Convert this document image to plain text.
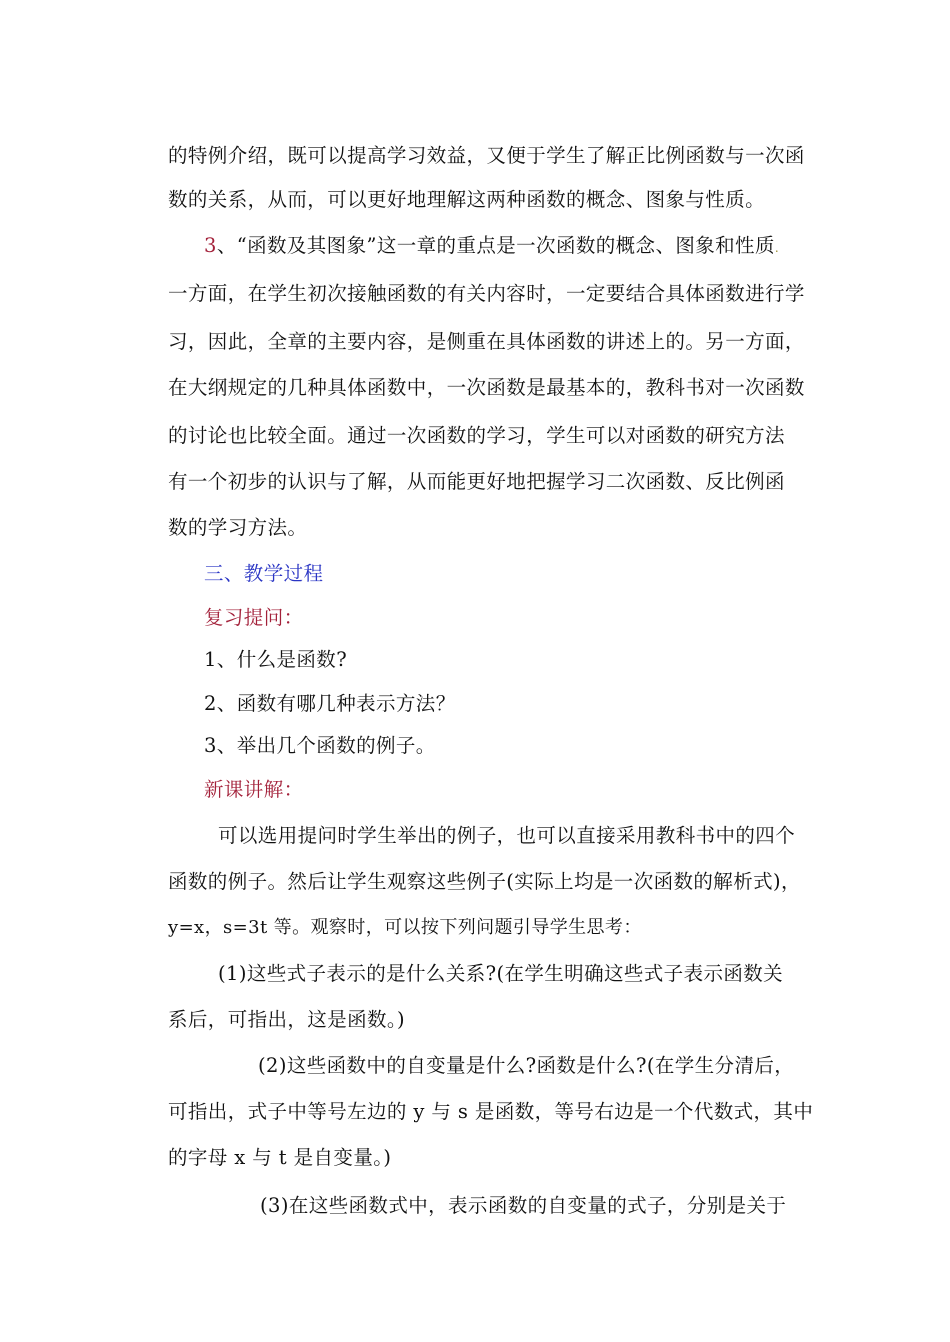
的特例介绍，既可以提高学习效益，又便于学生了解正比例函数与一次函
数的关系，从而，可以更好地理解这两种函数的概念、图象与性质。
3、“函数及其图象”这一章的重点是一次函数的概念、图象和性质.
一方面，在学生初次接触函数的有关内容时，一定要结合具体函数进行学
习，因此，全章的主要内容，是侧重在具体函数的讲述上的。另一方面，
在大纲规定的几种具体函数中，一次函数是最基本的，教科书对一次函数
的讨论也比较全面。通过一次函数的学习，学生可以对函数的研究方法
有一个初步的认识与了解，从而能更好地把握学习二次函数、反比例函
数的学习方法。
三、教学过程
复习提问：
1、什么是函数?
2、函数有哪几种表示方法？
3、举出几个函数的例子。
新课讲解：
可以选用提问时学生举出的例子，也可以直接采用教科书中的四个
函数的例子。然后让学生观察这些例子(实际上均是一次函数的解析式)，
y=x，s=3t 等。观察时，可以按下列问题引导学生思考：
(1)这些式子表示的是什么关系?(在学生明确这些式子表示函数关
系后，可指出，这是函数。)
(2)这些函数中的自变量是什么?函数是什么?(在学生分清后，
可指出，式子中等号左边的 y 与 s 是函数，等号右边是一个代数式，其中
的字母 x 与 t 是自变量。)
(3)在这些函数式中，表示函数的自变量的式子，分别是关于
